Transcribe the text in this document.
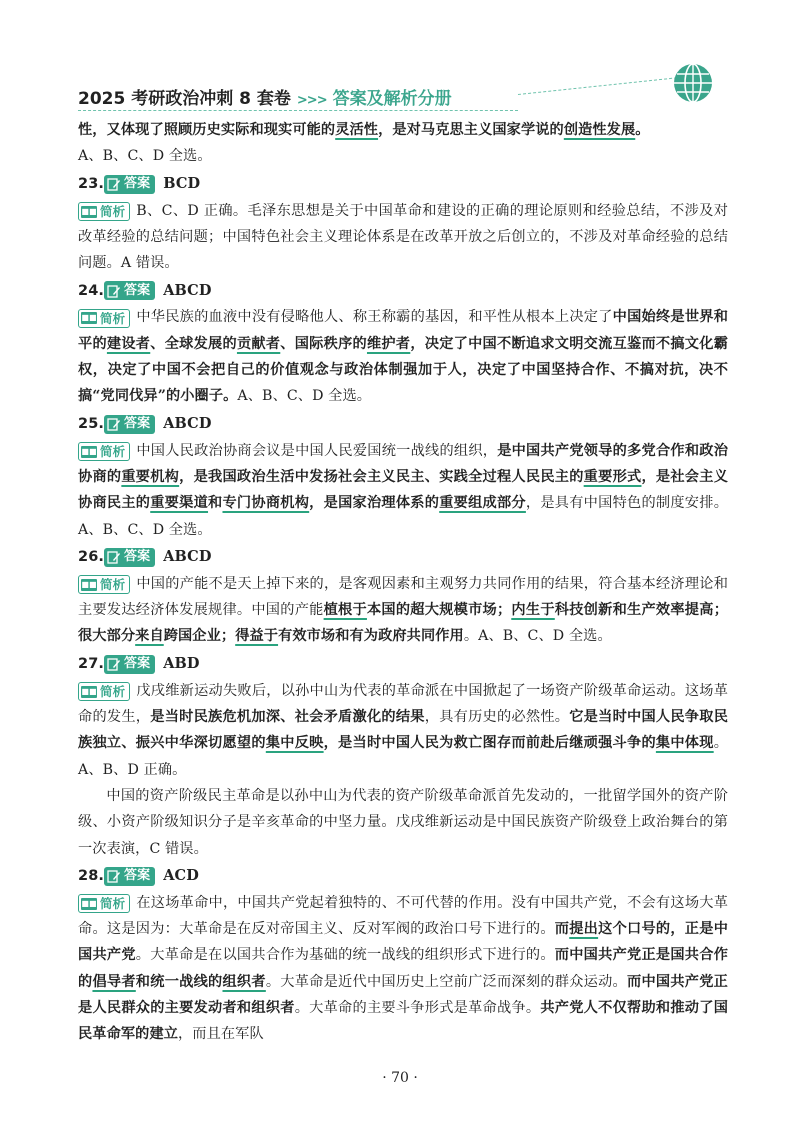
2025 考研政治冲刺 8 套卷 >>> 答案及解析分册

性，又体现了照顾历史实际和现实可能的灵活性，是对马克思主义国家学说的创造性发展。

A、B、C、D 全选。

23. 答案 BCD

■■ 简析 B、C、D 正确。毛泽东思想是关于中国革命和建设的正确的理论原则和经验总结，不涉及对改革经验的总结问题；中国特色社会主义理论体系是在改革开放之后创立的，不涉及对革命经验的总结问题。A 错误。

24. 答案 ABCD

■■ 简析 中华民族的血液中没有侵略他人、称王称霸的基因，和平性从根本上决定了中国始终是世界和平的建设者、全球发展的贡献者、国际秩序的维护者，决定了中国不断追求文明交流互鉴而不搞文化霸权，决定了中国不会把自己的价值观念与政治体制强加于人，决定了中国坚持合作、不搞对抗，决不搞“党同伐异”的小圈子。A、B、C、D 全选。

25. 答案 ABCD

■■ 简析 中国人民政治协商会议是中国人民爱国统一战线的组织，是中国共产党领导的多党合作和政治协商的重要机构，是我国政治生活中发扬社会主义民主、实践全过程人民民主的重要形式，是社会主义协商民主的重要渠道和专门协商机构，是国家治理体系的重要组成部分，是具有中国特色的制度安排。A、B、C、D 全选。

26. 答案 ABCD

■■ 简析 中国的产能不是天上掉下来的，是客观因素和主观努力共同作用的结果，符合基本经济理论和主要发达经济体发展规律。中国的产能植根于本国的超大规模市场；内生于科技创新和生产效率提高；很大部分来自跨国企业；得益于有效市场和有为政府共同作用。A、B、C、D 全选。

27. 答案 ABD

■■ 简析 戊戌维新运动失败后，以孙中山为代表的革命派在中国掀起了一场资产阶级革命运动。这场革命的发生，是当时民族危机加深、社会矛盾激化的结果，具有历史的必然性。它是当时中国人民争取民族独立、振兴中华深切愿望的集中反映，是当时中国人民为救亡图存而前赴后继顽强斗争的集中体现。A、B、D 正确。

中国的资产阶级民主革命是以孙中山为代表的资产阶级革命派首先发动的，一批留学国外的资产阶级、小资产阶级知识分子是辛亥革命的中坚力量。戊戌维新运动是中国民族资产阶级登上政治舞台的第一次表演，C 错误。

28. 答案 ACD

■■ 简析 在这场革命中，中国共产党起着独特的、不可代替的作用。没有中国共产党，不会有这场大革命。这是因为：大革命是在反对帝国主义、反对军阀的政治口号下进行的。而提出这个口号的，正是中国共产党。大革命是在以国共合作为基础的统一战线的组织形式下进行的。而中国共产党正是国共合作的倡导者和统一战线的组织者。大革命是近代中国历史上空前广泛而深刻的群众运动。而中国共产党正是人民群众的主要发动者和组织者。大革命的主要斗争形式是革命战争。共产党人不仅帮助和推动了国民革命军的建立，而且在军队

· 70 ·
